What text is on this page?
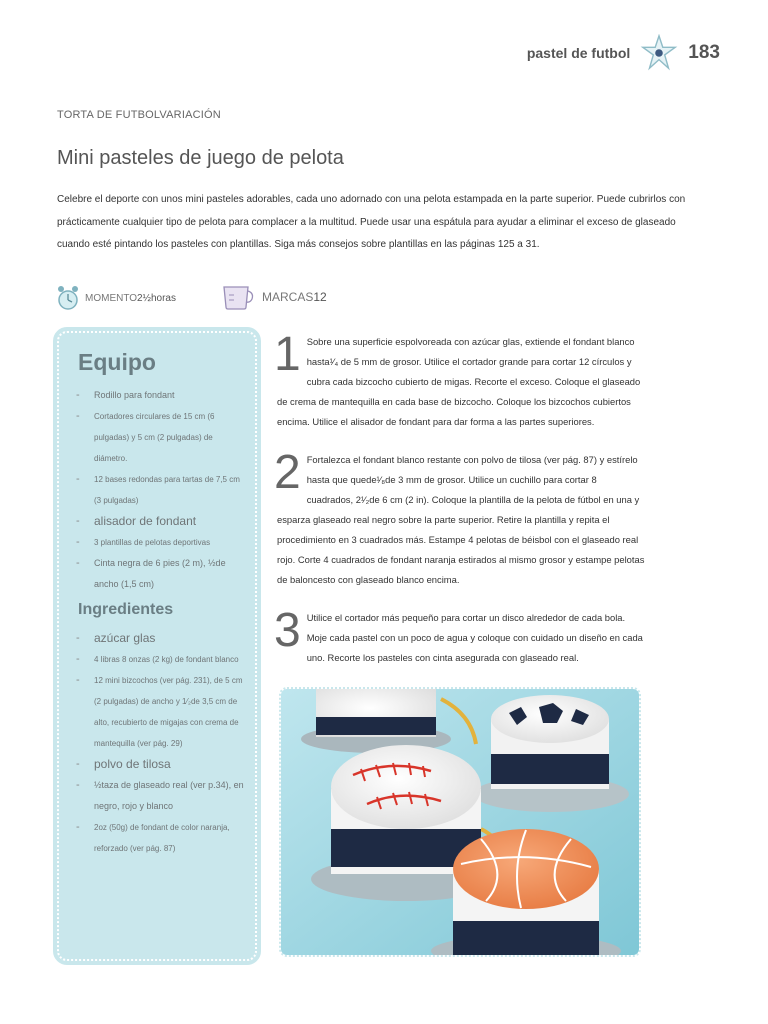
pastel de futbol	183
TORTA DE FUTBOLVARIACIÓN
Mini pasteles de juego de pelota

Celebre el deporte con unos mini pasteles adorables, cada uno adornado con una pelota estampada en la parte superior. Puede cubrirlos con prácticamente cualquier tipo de pelota para complacer a la multitud. Puede usar una espátula para ayudar a eliminar el exceso de glaseado cuando esté pintando los pasteles con plantillas. Siga más consejos sobre plantillas en las páginas 125 a 31.

MOMENTO 2½horas	MARCAS 12
Equipo
- Rodillo para fondant
- Cortadores circulares de 15 cm (6 pulgadas) y 5 cm (2 pulgadas) de diámetro.
- 12 bases redondas para tartas de 7,5 cm (3 pulgadas)
- alisador de fondant
- 3 plantillas de pelotas deportivas
- Cinta negra de 6 pies (2 m), ½de ancho (1,5 cm)
Ingredientes
- azúcar glas
- 4 libras 8 onzas (2 kg) de fondant blanco
- 12 mini bizcochos (ver pág. 231), de 5 cm (2 pulgadas) de ancho y 1⁄₂de 3,5 cm de alto, recubierto de migajas con crema de mantequilla (ver pág. 29)
- polvo de tilosa
- ½taza de glaseado real (ver p.34), en negro, rojo y blanco
- 2oz (50g) de fondant de color naranja, reforzado (ver pág. 87)

1 Sobre una superficie espolvoreada con azúcar glas, extiende el fondant blanco hasta¹⁄₄ de 5 mm de grosor. Utilice el cortador grande para cortar 12 círculos y cubra cada bizcocho cubierto de migas. Recorte el exceso. Coloque el glaseado de crema de mantequilla en cada base de bizcocho. Coloque los bizcochos cubiertos encima. Utilice el alisador de fondant para dar forma a las partes superiores.

2 Fortalezca el fondant blanco restante con polvo de tilosa (ver pág. 87) y estírelo hasta que quede¹⁄₈de 3 mm de grosor. Utilice un cuchillo para cortar 8 cuadrados, 2¹⁄₂de 6 cm (2 in). Coloque la plantilla de la pelota de fútbol en una y esparza glaseado real negro sobre la parte superior. Retire la plantilla y repita el procedimiento en 3 cuadrados más. Estampe 4 pelotas de béisbol con el glaseado real rojo. Corte 4 cuadrados de fondant naranja estirados al mismo grosor y estampe pelotas de baloncesto con glaseado blanco encima.

3 Utilice el cortador más pequeño para cortar un disco alrededor de cada bola. Moje cada pastel con un poco de agua y coloque con cuidado un diseño en cada uno. Recorte los pasteles con cinta asegurada con glaseado real.
